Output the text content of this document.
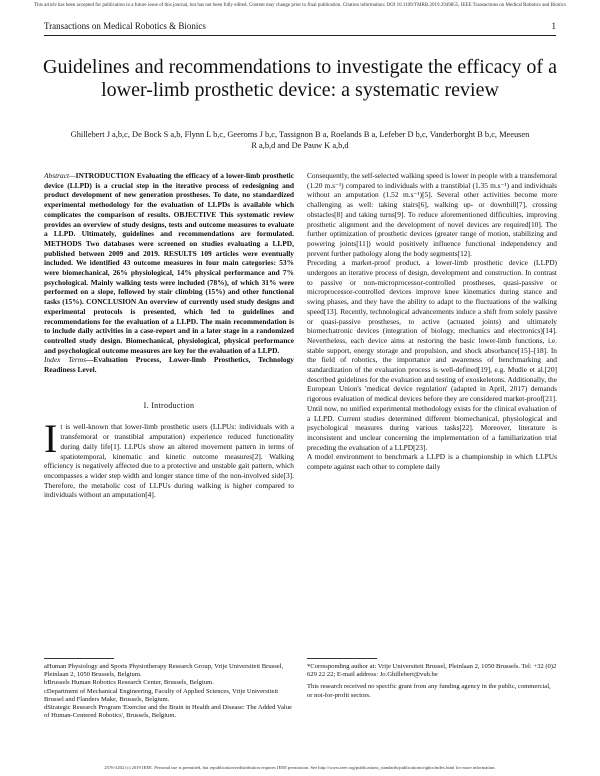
This article has been accepted for publication in a future issue of this journal, but has not been fully edited. Content may change prior to final publication. Citation information: DOI 10.1109/TMRB.2019.2949855, IEEE Transactions on Medical Robotics and Bionics
Transactions on Medical Robotics & Bionics	1
Guidelines and recommendations to investigate the efficacy of a lower-limb prosthetic device: a systematic review
Ghillebert J a,b,c, De Bock S a,b, Flynn L b,c, Geeroms J b,c, Tassignon B a, Roelands B a, Lefeber D b,c, Vanderborght B b,c, Meeusen R a,b,d and De Pauw K a,b,d

Abstract—INTRODUCTION Evaluating the efficacy of a lower-limb prosthetic device (LLPD) is a crucial step in the iterative process of redesigning and product development of new generation prostheses. To date, no standardized experimental methodology for the evaluation of LLPDs is available which complicates the comparison of results. OBJECTIVE This systematic review provides an overview of study designs, tests and outcome measures to evaluate a LLPD. Ultimately, guidelines and recommendations are formulated. METHODS Two databases were screened on studies evaluating a LLPD, published between 2009 and 2019. RESULTS 109 articles were eventually included. We identified 43 outcome measures in four main categories: 53% were biomechanical, 26% physiological, 14% physical performance and 7% psychological. Mainly walking tests were included (78%), of which 31% were performed on a slope, followed by stair climbing (15%) and other functional tasks (15%). CONCLUSION An overview of currently used study designs and experimental protocols is presented, which led to guidelines and recommendations for the evaluation of a LLPD. The main recommendation is to include daily activities in a case-report and in a later stage in a randomized controlled study design. Biomechanical, physiological, physical performance and psychological outcome measures are key for the evaluation of a LLPD.

Index Terms—Evaluation Process, Lower-limb Prosthetics, Technology Readiness Level.

I. Introduction

It is well-known that lower-limb prosthetic users (LLPUs: individuals with a transfemoral or transtibial amputation) experience reduced functionality during daily life[1]. LLPUs show an altered movement pattern in terms of spatiotemporal, kinematic and kinetic outcome measures[2]. Walking efficiency is negatively affected due to a protective and unstable gait pattern, which encompasses a wider step width and longer stance time of the non-involved side[3]. Therefore, the metabolic cost of LLPUs during walking is higher compared to individuals without an amputation[4].

Consequently, the self-selected walking speed is lower in people with a transfemoral (1.20 m.s⁻¹) compared to individuals with a transtibial (1.35 m.s⁻¹) and individuals without an amputation (1.52 m.s⁻¹)[5]. Several other activities become more challenging as well: taking stairs[6], walking up- or downhill[7], crossing obstacles[8] and taking turns[9]. To reduce aforementioned difficulties, improving prosthetic alignment and the development of novel devices are required[10]. The further optimization of prosthetic devices (greater range of motion, stabilizing and powering joints[11]) would positively influence functional independency and prevent further pathology along the body segments[12].

Preceding a market-proof product, a lower-limb prosthetic device (LLPD) undergoes an iterative process of design, development and construction. In contrast to passive or non-microprocessor-controlled prostheses, quasi-passive or microprocessor-controlled devices improve knee kinematics during stance and swing phases, and they have the ability to adapt to the fluctuations of the walking speed[13]. Recently, technological advancements induce a shift from solely passive or quasi-passive prostheses, to active (actuated joints) and ultimately biomechatronic devices (integration of biology, mechanics and electronics)[14]. Nevertheless, each device aims at restoring the basic lower-limb functions, i.e. stable support, energy storage and propulsion, and shock absorbance[15]–[18]. In the field of robotics, the importance and awareness of benchmarking and standardization of the evaluation process is well-defined[19], e.g. Mudie et al.[20] described guidelines for the evaluation and testing of exoskeletons. Additionally, the European Union's 'medical device regulation' (adapted in April, 2017) demands rigorous evaluation of medical devices before they are considered market-proof[21]. Until now, no unified experimental methodology exists for the clinical evaluation of a LLPD. Current studies determined different biomechanical, physiological and psychological measures during various tasks[22]. Moreover, literature is inconsistent and unclear concerning the implementation of a familiarization trial preceding the evaluation of a LLPD[23].

A model environment to benchmark a LLPD is a championship in which LLPUs compete against each other to complete daily

aHuman Physiology and Sports Physiotherapy Research Group, Vrije Universiteit Brussel, Pleinlaan 2, 1050 Brussels, Belgium.

bBrussels Human Robotics Research Center, Brussels, Belgium.

cDepartment of Mechanical Engineering, Faculty of Applied Sciences, Vrije Universiteit Brussel and Flanders Make, Brussels, Belgium.

dStrategic Research Program 'Exercise and the Brain in Health and Disease: The Added Value of Human-Centered Robotics', Brussels, Belgium.

*Corresponding author at: Vrije Universiteit Brussel, Pleinlaan 2, 1050 Brussels. Tel: +32 (0)2 629 22 22; E-mail address: Jo.Ghillebert@vub.be

This research received no specific grant from any funding agency in the public, commercial, or not-for-profit sectors.

2576-3202 (c) 2019 IEEE. Personal use is permitted, but republication/redistribution requires IEEE permission. See http://www.ieee.org/publications_standards/publications/rights/index.html for more information.
